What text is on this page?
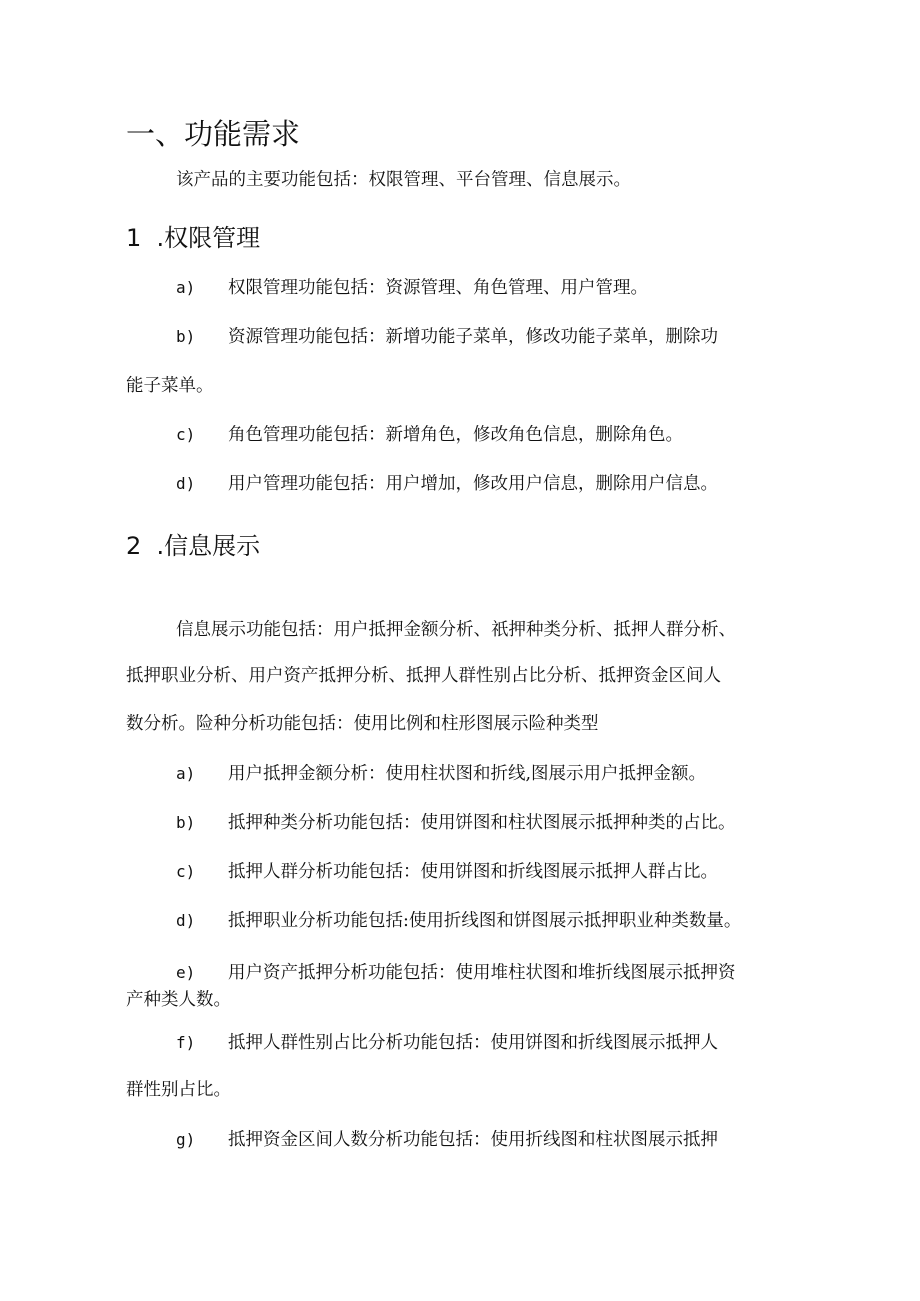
一、功能需求

该产品的主要功能包括：权限管理、平台管理、信息展示。

1  .权限管理

a) 权限管理功能包括：资源管理、角色管理、用户管理。

b) 资源管理功能包括：新增功能子菜单，修改功能子菜单，删除功

能子菜单。

c) 角色管理功能包括：新增角色，修改角色信息，删除角色。

d) 用户管理功能包括：用户增加，修改用户信息，删除用户信息。

2  .信息展示

信息展示功能包括：用户抵押金额分析、祇押种类分析、抵押人群分析、

抵押职业分析、用户资产抵押分析、抵押人群性别占比分析、抵押资金区间人

数分析。险种分析功能包括：使用比例和柱形图展示险种类型

a) 用户抵押金额分析：使用柱状图和折线,图展示用户抵押金额。

b) 抵押种类分析功能包括：使用饼图和柱状图展示抵押种类的占比。

c) 抵押人群分析功能包括：使用饼图和折线图展示抵押人群占比。

d) 抵押职业分析功能包括:使用折线图和饼图展示抵押职业种类数量。

e) 用户资产抵押分析功能包括：使用堆柱状图和堆折线图展示抵押资

产种类人数。

f) 抵押人群性别占比分析功能包括：使用饼图和折线图展示抵押人

群性别占比。

g) 抵押资金区间人数分析功能包括：使用折线图和柱状图展示抵押
